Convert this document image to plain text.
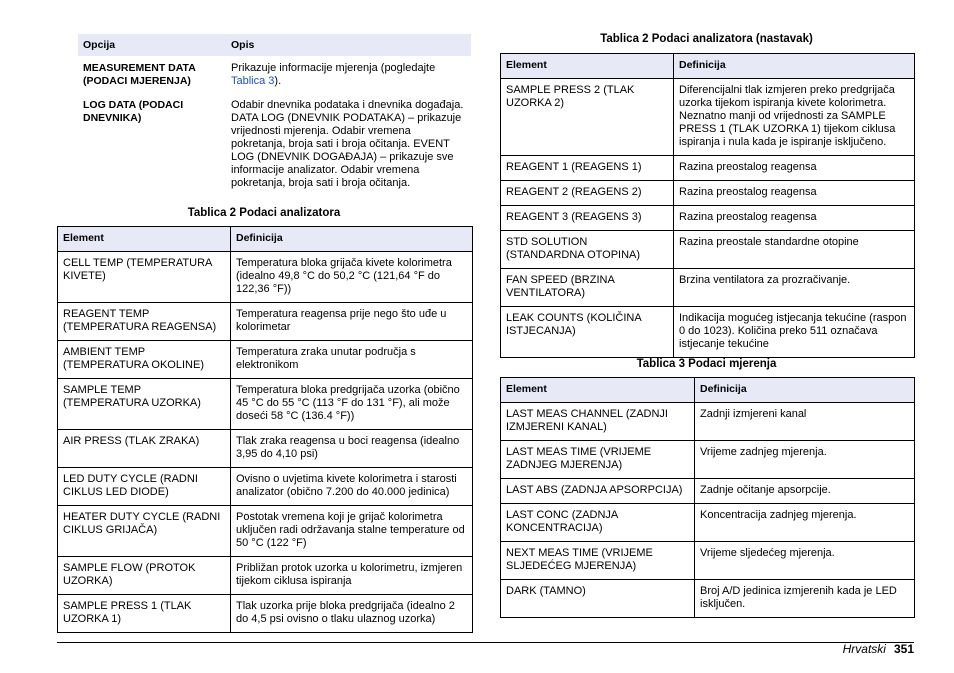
Opcija	Opis
MEASUREMENT DATA (PODACI MJERENJA)	Prikazuje informacije mjerenja (pogledajte Tablica 3).
LOG DATA (PODACI DNEVNIKA)	Odabir dnevnika podataka i dnevnika događaja. DATA LOG (DNEVNIK PODATAKA) – prikazuje vrijednosti mjerenja. Odabir vremena pokretanja, broja sati i broja očitanja. EVENT LOG (DNEVNIK DOGAĐAJA) – prikazuje sve informacije analizator. Odabir vremena pokretanja, broja sati i broja očitanja.
Tablica 2 Podaci analizatora
Element	Definicija
CELL TEMP (TEMPERATURA KIVETE)	Temperatura bloka grijača kivete kolorimetra (idealno 49,8 °C do 50,2 °C (121,64 °F do 122,36 °F))
REAGENT TEMP (TEMPERATURA REAGENSA)	Temperatura reagensa prije nego što uđe u kolorimetar
AMBIENT TEMP (TEMPERATURA OKOLINE)	Temperatura zraka unutar područja s elektronikom
SAMPLE TEMP (TEMPERATURA UZORKA)	Temperatura bloka predgrijača uzorka (obično 45 °C do 55 °C (113 °F do 131 °F), ali može doseći 58 °C (136.4 °F))
AIR PRESS (TLAK ZRAKA)	Tlak zraka reagensa u boci reagensa (idealno 3,95 do 4,10 psi)
LED DUTY CYCLE (RADNI CIKLUS LED DIODE)	Ovisno o uvjetima kivete kolorimetra i starosti analizator (obično 7.200 do 40.000 jedinica)
HEATER DUTY CYCLE (RADNI CIKLUS GRIJAČA)	Postotak vremena koji je grijač kolorimetra uključen radi održavanja stalne temperature od 50 °C (122 °F)
SAMPLE FLOW (PROTOK UZORKA)	Približan protok uzorka u kolorimetru, izmjeren tijekom ciklusa ispiranja
SAMPLE PRESS 1 (TLAK UZORKA 1)	Tlak uzorka prije bloka predgrijača (idealno 2 do 4,5 psi ovisno o tlaku ulaznog uzorka)
Tablica 2 Podaci analizatora (nastavak)
Element	Definicija
SAMPLE PRESS 2 (TLAK UZORKA 2)	Diferencijalni tlak izmjeren preko predgrijača uzorka tijekom ispiranja kivete kolorimetra. Neznatno manji od vrijednosti za SAMPLE PRESS 1 (TLAK UZORKA 1) tijekom ciklusa ispiranja i nula kada je ispiranje isključeno.
REAGENT 1 (REAGENS 1)	Razina preostalog reagensa
REAGENT 2 (REAGENS 2)	Razina preostalog reagensa
REAGENT 3 (REAGENS 3)	Razina preostalog reagensa
STD SOLUTION (STANDARDNA OTOPINA)	Razina preostale standardne otopine
FAN SPEED (BRZINA VENTILATORA)	Brzina ventilatora za prozračivanje.
LEAK COUNTS (KOLIČINA ISTJECANJA)	Indikacija mogućeg istjecanja tekućine (raspon 0 do 1023). Količina preko 511 označava istjecanje tekućine
Tablica 3 Podaci mjerenja
Element	Definicija
LAST MEAS CHANNEL (ZADNJI IZMJERENI KANAL)	Zadnji izmjereni kanal
LAST MEAS TIME (VRIJEME ZADNJEG MJERENJA)	Vrijeme zadnjeg mjerenja.
LAST ABS (ZADNJA APSORPCIJA)	Zadnje očitanje apsorpcije.
LAST CONC (ZADNJA KONCENTRACIJA)	Koncentracija zadnjeg mjerenja.
NEXT MEAS TIME (VRIJEME SLJEDEĆEG MJERENJA)	Vrijeme sljedećeg mjerenja.
DARK (TAMNO)	Broj A/D jedinica izmjerenih kada je LED isključen.
Hrvatski 351
